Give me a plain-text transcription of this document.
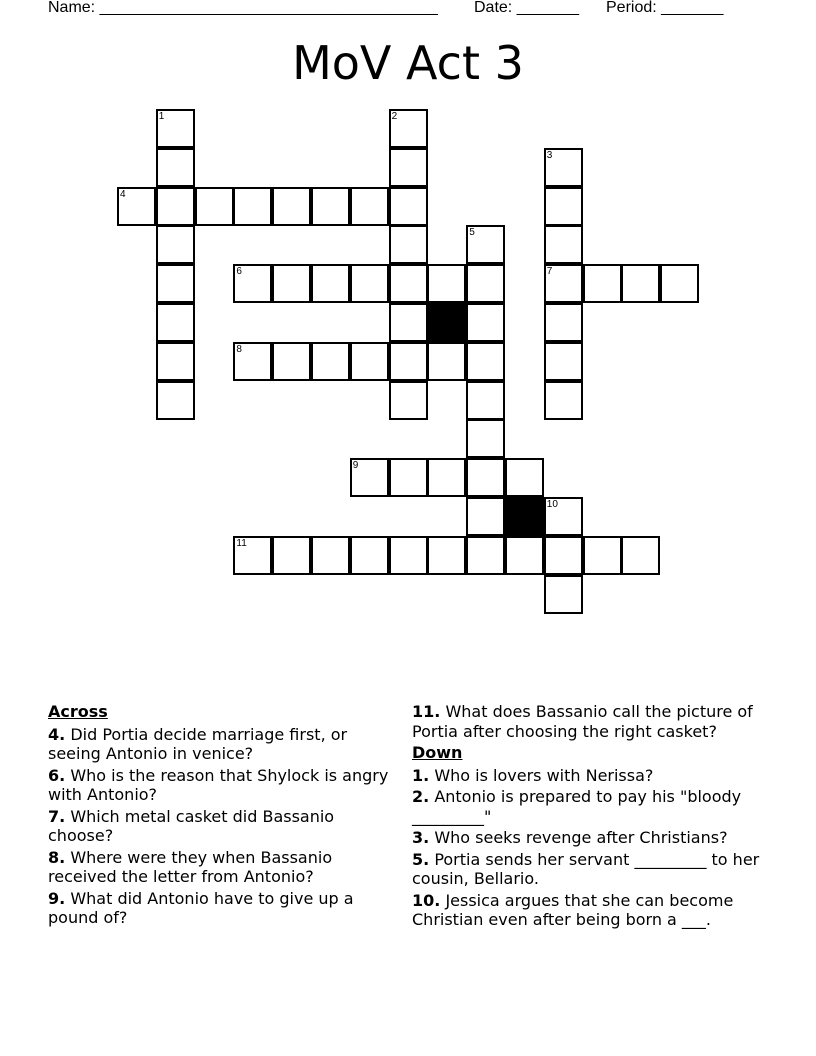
Name: ______________________________________ Date: _______ Period: _______
MoV Act 3
4
6	7
8
9
11
1	2
3
5
10
Across
4. Did Portia decide marriage first, or seeing Antonio in venice?
6. Who is the reason that Shylock is angry with Antonio?
7. Which metal casket did Bassanio choose?
8. Where were they when Bassanio received the letter from Antonio?
9. What did Antonio have to give up a pound of?
11. What does Bassanio call the picture of Portia after choosing the right casket?
Down
1. Who is lovers with Nerissa?
2. Antonio is prepared to pay his "bloody _________"
3. Who seeks revenge after Christians?
5. Portia sends her servant _________ to her cousin, Bellario.
10. Jessica argues that she can become Christian even after being born a ___.
